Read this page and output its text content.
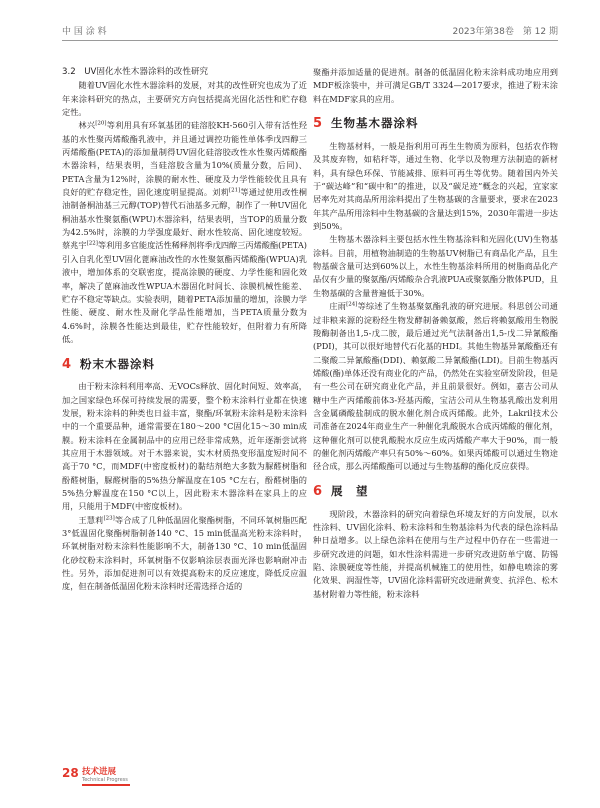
中 国 涂 料	2023年第38卷　第 12 期

3.2　UV固化水性木器涂料的改性研究

随着UV固化水性木器涂料的发展，对其的改性研究也成为了近年来涂料研究的热点，主要研究方向包括提高光固化活性和贮存稳定性。

林兴[20]等利用具有环氧基团的硅溶胶KH-560引入带有活性羟基的水性聚丙烯酸酯乳液中，并且通过调控功能性单体季戊四醇三丙烯酸酯(PETA)的添加量制得UV固化硅溶胶改性水性聚丙烯酸酯木器涂料，结果表明，当硅溶胶含量为10%(质量分数，后同)、PETA含量为12%时，涂膜的耐水性、硬度及力学性能较优且具有良好的贮存稳定性，固化速度明显提高。刘莉[21]等通过使用改性桐油制备桐油基三元醇(TOP)替代石油基多元醇，制作了一种UV固化桐油基水性聚氨酯(WPU)木器涂料，结果表明，当TOP的质量分数为42.5%时，涂膜的力学强度最好、耐水性较高、固化速度较短。蔡兆宇[22]等利用多官能度活性稀释剂将季戊四醇三丙烯酸酯(PETA)引入自乳化型UV固化蓖麻油改性的水性聚氨酯丙烯酸酯(WPUA)乳液中，增加体系的交联密度，提高涂膜的硬度、力学性能和固化效率，解决了蓖麻油改性WPUA木器固化时间长、涂膜机械性能差、贮存不稳定等缺点。实验表明，随着PETA添加量的增加，涂膜力学性能、硬度、耐水性及耐化学品性能增加，当PETA质量分数为4.6%时，涂膜各性能达到最佳，贮存性能较好，但附着力有所降低。

4 粉末木器涂料

由于粉末涂料利用率高、无VOCs释放、固化时间短、效率高，加之国家绿色环保可持续发展的需要，整个粉末涂料行业都在快速发展，粉末涂料的种类也日益丰富，聚酯/环氧粉末涂料是粉末涂料中的一个重要品种，通常需要在180～200 °C固化15～30 min成膜。粉末涂料在金属制品中的应用已经非常成熟，近年逐渐尝试将其应用于木器领域。对于木器来说，实木材质热变形温度短时间不高于70 °C，而MDF(中密度板材)的黏结剂绝大多数为脲醛树脂和酚醛树脂，脲醛树脂的5%热分解温度在105 °C左右，酚醛树脂的5%热分解温度在150 °C以上，因此粉末木器涂料在家具上的应用，只能用于MDF(中密度板材)。

王慧莉[23]等合成了几种低温固化聚酯树脂，不同环氧树脂匹配3°低温固化聚酯树脂制备140 °C、15 min低温高光粉末涂料时，环氧树脂对粉末涂料性能影响不大，制备130 °C、10 min低温固化砂纹粉末涂料时，环氧树脂不仅影响涂层表面光泽也影响耐冲击性。另外，添加促进剂可以有效提高粉末的反应速度，降低反应温度，但在制备低温固化粉末涂料时还需选择合适的

聚酯并添加适量的促进剂。制备的低温固化粉末涂料成功地应用到MDF板涂装中，并可满足GB/T 3324—2017要求，推进了粉末涂料在MDF家具的应用。

5 生物基木器涂料

生物基材料，一般是指利用可再生生物质为原料，包括农作物及其废弃物，如秸秆等，通过生物、化学以及物理方法制造的新材料，具有绿色环保、节能减排、原料可再生等优势。随着国内外关于“碳达峰”和“碳中和”的推进，以及“碳足迹”概念的兴起，宜家家居率先对其商品所用涂料提出了生物基碳的含量要求，要求在2023年其产品所用涂料中生物基碳的含量达到15%，2030年需进一步达到50%。

生物基木器涂料主要包括水性生物基涂料和光固化(UV)生物基涂料。目前，用植物油制造的生物基UV树脂已有商品化产品，且生物基碳含量可达到60%以上，水性生物基涂料所用的树脂商品化产品仅有少量的聚氨酯/丙烯酸杂合乳液PUA或聚氨酯分散体PUD，且生物基碳的含量普遍低于30%。

庄雨[24]等综述了生物基聚氨酯乳液的研究进展。科思创公司通过非粮来源的淀粉经生物发酵制备赖氨酸，然后将赖氨酸用生物脱羧酶制备出1,5-戊二胺，最后通过光气法制备出1,5-戊二异氰酸酯(PDI)，其可以很好地替代石化基的HDI。其他生物基异氰酸酯还有二聚酸二异氰酸酯(DDI)、赖氨酸二异氰酸酯(LDI)。目前生物基丙烯酸(酯)单体还没有商业化的产品，仍然处在实验室研发阶段，但是有一些公司在研究商业化产品，并且前景很好。例如，嘉吉公司从糖中生产丙烯酸前体3-羟基丙酸，宝洁公司从生物基乳酸出发利用含金属磷酸盐制成的脱水催化剂合成丙烯酸。此外，Lakril技术公司准备在2024年商业生产一种催化乳酸脱水合成丙烯酸的催化剂，这种催化剂可以使乳酸脱水反应生成丙烯酸产率大于90%，而一般的催化剂丙烯酸产率只有50%～60%。如果丙烯酸可以通过生物途径合成，那么丙烯酸酯可以通过与生物基醇的酯化反应获得。

6 展　望

现阶段，木器涂料的研究向着绿色环境友好的方向发展，以水性涂料、UV固化涂料、粉末涂料和生物基涂料为代表的绿色涂料品种日益增多。以上绿色涂料在使用与生产过程中仍存在一些需进一步研究改进的问题，如水性涂料需进一步研究改进防单宁腐、防锡陷、涂膜硬度等性能，并提高机械施工的使用性，如静电喷涂的雾化效果、润湿性等，UV固化涂料需研究改进耐黄变、抗浮色、松木基材附着力等性能，粉末涂料

28 技术进展
Technical Progress
